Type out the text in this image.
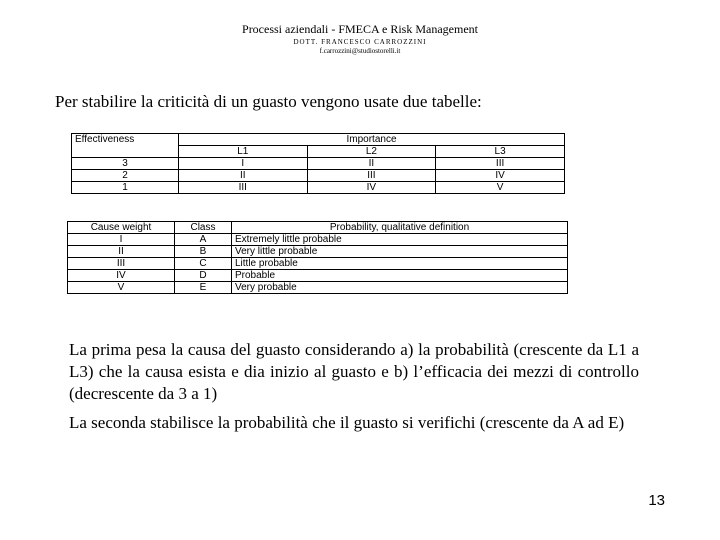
Processi aziendali - FMECA e Risk Management
DOTT. FRANCESCO CARROZZINI
f.carrozzini@studiostorelli.it
Per stabilire la criticità di un guasto vengono usate due tabelle:
Effectiveness	Importance		
	L1	L2	L3
3	I	II	III
2	II	III	IV
1	III	IV	V
Cause weight	Class	Probability, qualitative definition
I	A	Extremely little probable
II	B	Very little probable
III	C	Little probable
IV	D	Probable
V	E	Very probable
La prima pesa la causa del guasto considerando a) la probabilità (crescente da L1 a L3) che la causa esista e dia inizio al guasto e b) l’efficacia dei mezzi di controllo (decrescente da 3 a 1)
La seconda stabilisce la probabilità che il guasto si verifichi (crescente da A ad E)
13
